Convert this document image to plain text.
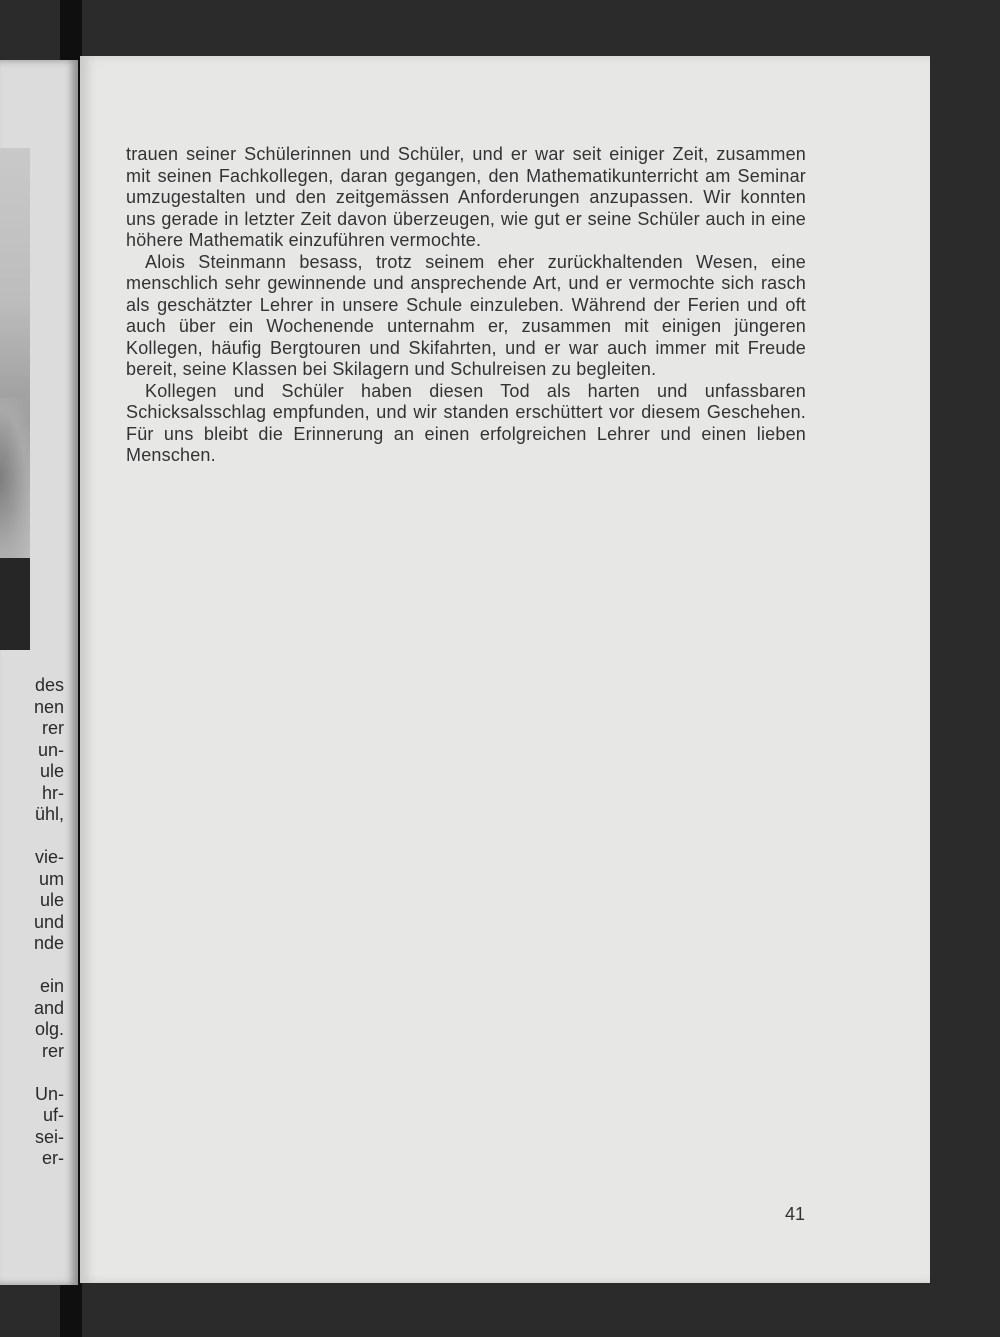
des
nen
rer
un-
ule
hr-
ühl,
vie-
um
ule
und
nde
ein
and
olg.
rer
Un-
uf-
sei-
er-

trauen seiner Schülerinnen und Schüler, und er war seit einiger Zeit, zusammen mit seinen Fachkollegen, daran gegangen, den Mathematikunterricht am Seminar umzugestalten und den zeitgemässen Anforderungen anzupassen. Wir konnten uns gerade in letzter Zeit davon überzeugen, wie gut er seine Schüler auch in eine höhere Mathematik einzuführen vermochte.

Alois Steinmann besass, trotz seinem eher zurückhaltenden Wesen, eine menschlich sehr gewinnende und ansprechende Art, und er vermochte sich rasch als geschätzter Lehrer in unsere Schule einzuleben. Während der Ferien und oft auch über ein Wochenende unternahm er, zusammen mit einigen jüngeren Kollegen, häufig Bergtouren und Skifahrten, und er war auch immer mit Freude bereit, seine Klassen bei Skilagern und Schulreisen zu begleiten.

Kollegen und Schüler haben diesen Tod als harten und unfassbaren Schicksalsschlag empfunden, und wir standen erschüttert vor diesem Geschehen. Für uns bleibt die Erinnerung an einen erfolgreichen Lehrer und einen lieben Menschen.

41
